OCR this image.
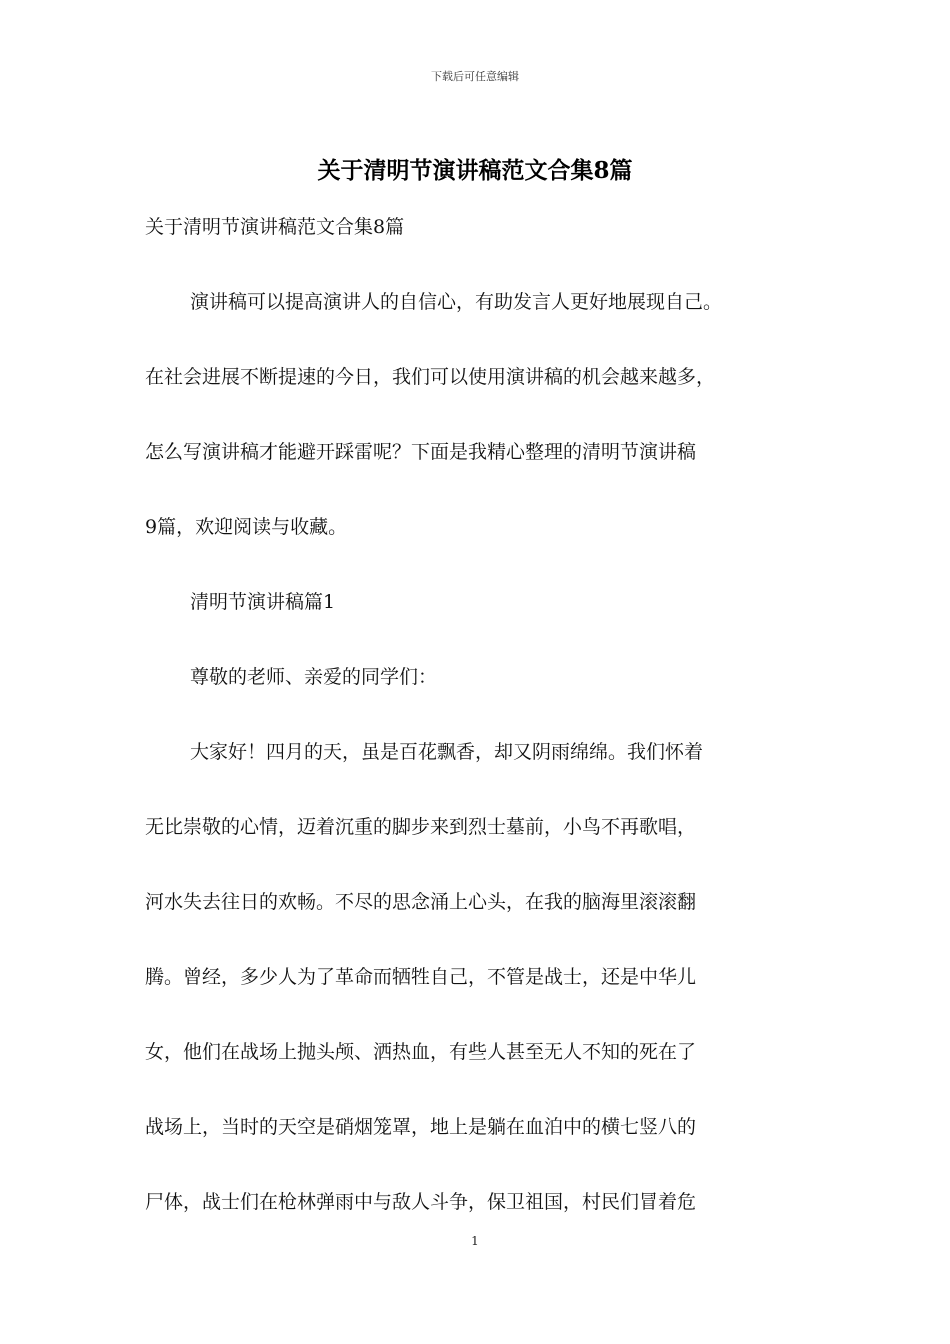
下载后可任意编辑
关于清明节演讲稿范文合集8篇

关于清明节演讲稿范文合集8篇

演讲稿可以提高演讲人的自信心，有助发言人更好地展现自己。

在社会进展不断提速的今日，我们可以使用演讲稿的机会越来越多，

怎么写演讲稿才能避开踩雷呢？下面是我精心整理的清明节演讲稿

9篇，欢迎阅读与收藏。

清明节演讲稿篇1

尊敬的老师、亲爱的同学们：

大家好！四月的天，虽是百花飘香，却又阴雨绵绵。我们怀着

无比崇敬的心情，迈着沉重的脚步来到烈士墓前，小鸟不再歌唱，

河水失去往日的欢畅。不尽的思念涌上心头，在我的脑海里滚滚翻

腾。曾经，多少人为了革命而牺牲自己，不管是战士，还是中华儿

女，他们在战场上抛头颅、洒热血，有些人甚至无人不知的死在了

战场上，当时的天空是硝烟笼罩，地上是躺在血泊中的横七竖八的

尸体，战士们在枪林弹雨中与敌人斗争，保卫祖国，村民们冒着危

1
